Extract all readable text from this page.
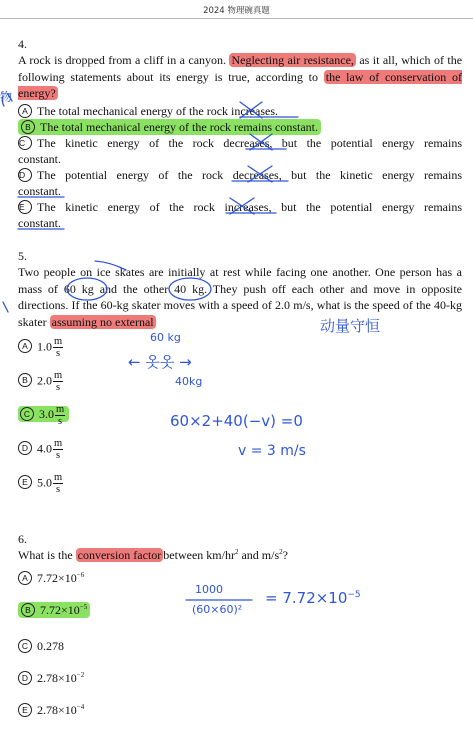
2024 物理碗真题
4.
A rock is dropped from a cliff in a canyon. Neglecting air resistance, as it all, which of the following statements about its energy is true, according to the law of conservation of energy?
A The total mechanical energy of the rock increases.
B The total mechanical energy of the rock remains constant.
C The kinetic energy of the rock decreases, but the potential energy remains
constant.
D The potential energy of the rock decreases, but the kinetic energy remains
constant.
E The kinetic energy of the rock increases, but the potential energy remains
constant.
5.
Two people on ice skates are initially at rest while facing one another. One person has a mass of 60 kg and the other 40 kg. They push off each other and move in opposite directions. If the 60-kg skater moves with a speed of 2.0 m/s, what is the speed of the 40-kg skater assuming no external
A $1.0 \frac{m}{s}$
B $2.0 \frac{m}{s}$
C $3.0 \frac{m}{s}$
D $4.0 \frac{m}{s}$
E $5.0 \frac{m}{s}$
6.
What is the conversion factor between $km/hr^2$ and $m/s^2$?
A $7.72\times 10^{-6}$
B $7.72\times 10^{-5}$
C 0.278
D $2.78\times 10^{-2}$
E $2.78\times 10^{-4}$
物
动量守恒
60 kg
← 옷옷 →
40kg
60×2+40(−v) =0
v = 3 m/s
1000
(60×60)²
= $7.72\times 10^{-5}$
